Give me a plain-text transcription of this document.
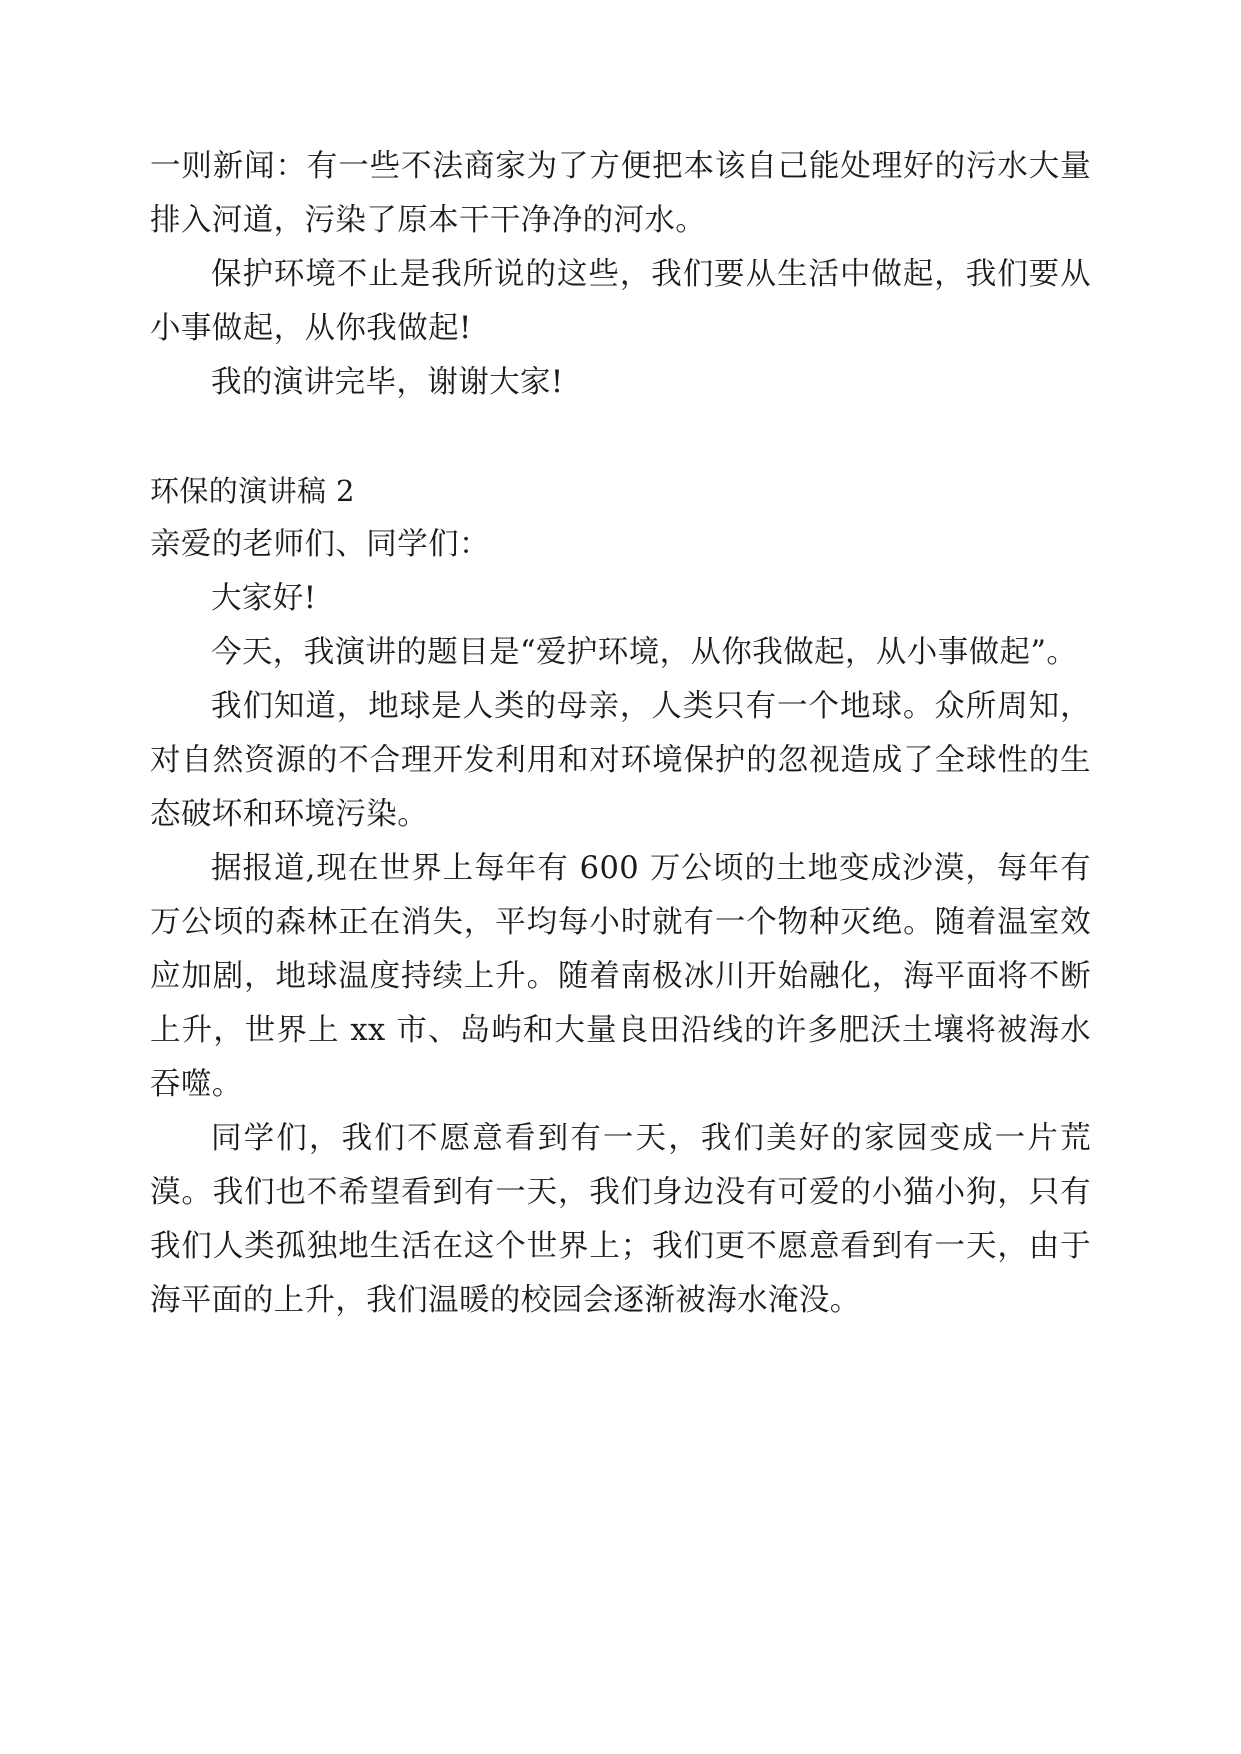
一则新闻：有一些不法商家为了方便把本该自己能处理好的污水大量排入河道，污染了原本干干净净的河水。

保护环境不止是我所说的这些，我们要从生活中做起，我们要从小事做起，从你我做起!

我的演讲完毕，谢谢大家!

环保的演讲稿 2

亲爱的老师们、同学们：

大家好!

今天，我演讲的题目是“爱护环境，从你我做起，从小事做起”。

我们知道，地球是人类的母亲，人类只有一个地球。众所周知，对自然资源的不合理开发利用和对环境保护的忽视造成了全球性的生态破坏和环境污染。

据报道,现在世界上每年有 600 万公顷的土地变成沙漠，每年有万公顷的森林正在消失，平均每小时就有一个物种灭绝。随着温室效应加剧，地球温度持续上升。随着南极冰川开始融化，海平面将不断上升，世界上 xx 市、岛屿和大量良田沿线的许多肥沃土壤将被海水吞噬。

同学们，我们不愿意看到有一天，我们美好的家园变成一片荒漠。我们也不希望看到有一天，我们身边没有可爱的小猫小狗，只有我们人类孤独地生活在这个世界上；我们更不愿意看到有一天，由于海平面的上升，我们温暖的校园会逐渐被海水淹没。
